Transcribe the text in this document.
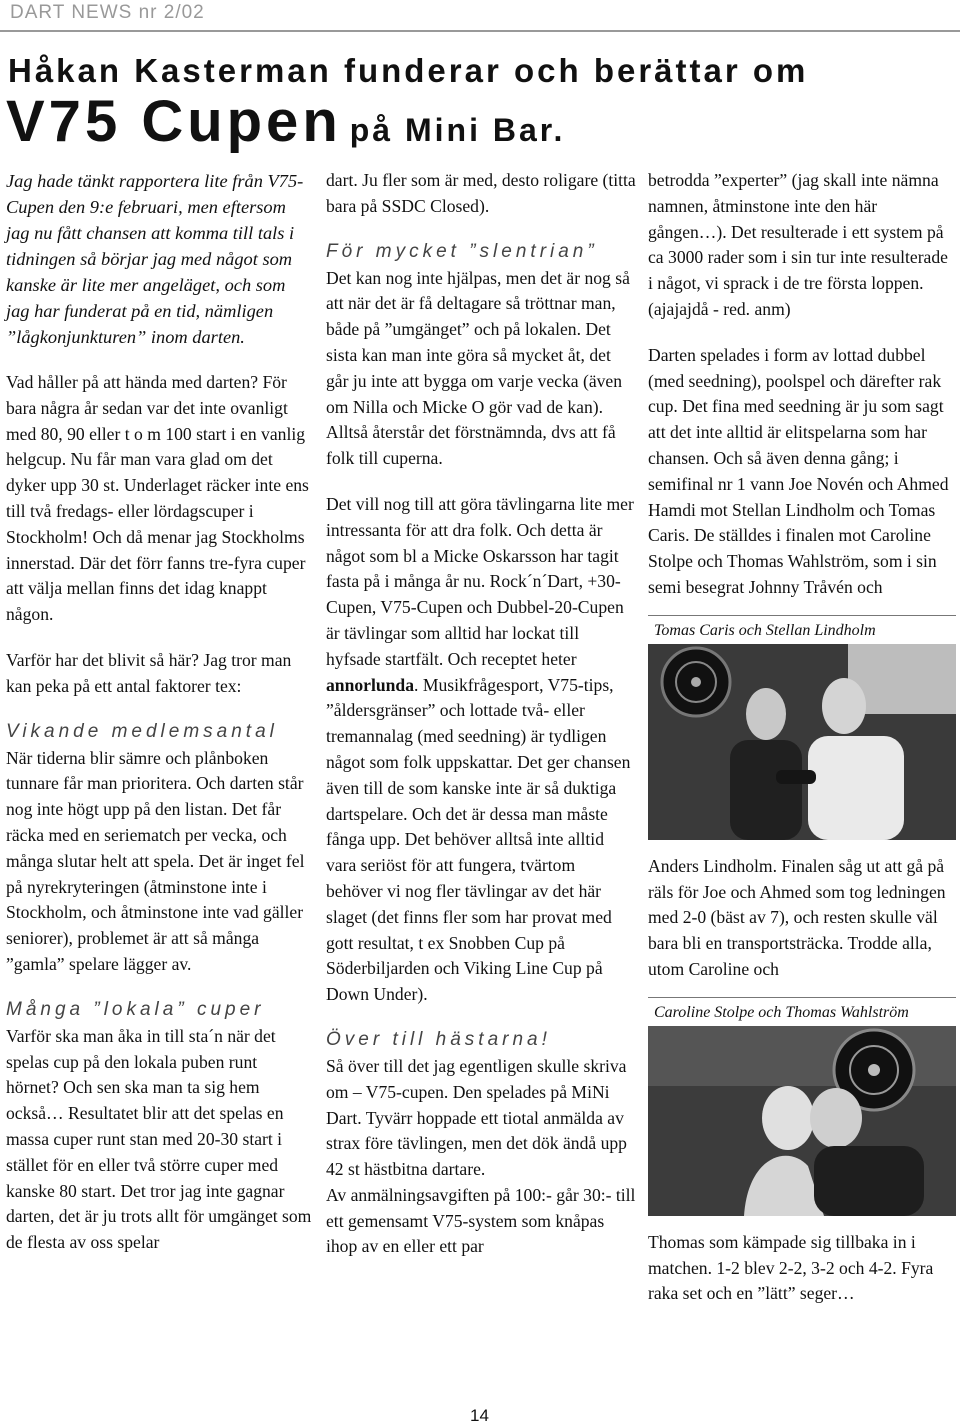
DART NEWS nr 2/02
Håkan Kasterman funderar och berättar om
V75 Cupen på Mini Bar.

Jag hade tänkt rapportera lite från V75-Cupen den 9:e februari, men eftersom jag nu fått chansen att komma till tals i tidningen så börjar jag med något som kanske är lite mer angeläget, och som jag har funderat på en tid, nämligen ”lågkonjunkturen” inom darten.

Vad håller på att hända med darten? För bara några år sedan var det inte ovanligt med 80, 90 eller t o m 100 start i en vanlig helgcup. Nu får man vara glad om det dyker upp 30 st. Underlaget räcker inte ens till två fredags- eller lördagscuper i Stockholm! Och då menar jag Stockholms innerstad. Där det förr fanns tre-fyra cuper att välja mellan finns det idag knappt någon.

Varför har det blivit så här? Jag tror man kan peka på ett antal faktorer tex:

Vikande medlemsantal

När tiderna blir sämre och plånboken tunnare får man prioritera. Och darten står nog inte högt upp på den listan. Det får räcka med en seriematch per vecka, och många slutar helt att spela. Det är inget fel på nyrekryteringen (åtminstone inte i Stockholm, och åtminstone inte vad gäller seniorer), problemet är att så många ”gamla” spelare lägger av.

Många ”lokala” cuper

Varför ska man åka in till sta´n när det spelas cup på den lokala puben runt hörnet? Och sen ska man ta sig hem också… Resultatet blir att det spelas en massa cuper runt stan med 20-30 start i stället för en eller två större cuper med kanske 80 start. Det tror jag inte gagnar darten, det är ju trots allt för umgänget som de flesta av oss spelar

dart. Ju fler som är med, desto roligare (titta bara på SSDC Closed).

För mycket ”slentrian”

Det kan nog inte hjälpas, men det är nog så att när det är få deltagare så tröttnar man, både på ”umgänget” och på lokalen. Det sista kan man inte göra så mycket åt, det går ju inte att bygga om varje vecka (även om Nilla och Micke O gör vad de kan). Alltså återstår det förstnämnda, dvs att få folk till cuperna.

Det vill nog till att göra tävlingarna lite mer intressanta för att dra folk. Och detta är något som bl a Micke Oskarsson har tagit fasta på i många år nu. Rock´n´Dart, +30-Cupen, V75-Cupen och Dubbel-20-Cupen är tävlingar som alltid har lockat till hyfsade startfält. Och receptet heter annorlunda. Musikfrågesport, V75-tips, ”åldersgränser” och lottade två- eller tremannalag (med seedning) är tydligen något som folk uppskattar. Det ger chansen även till de som kanske inte är så duktiga dartspelare. Och det är dessa man måste fånga upp. Det behöver alltså inte alltid vara seriöst för att fungera, tvärtom behöver vi nog fler tävlingar av det här slaget (det finns fler som har provat med gott resultat, t ex Snobben Cup på Söderbiljarden och Viking Line Cup på Down Under).

Över till hästarna!

Så över till det jag egentligen skulle skriva om – V75-cupen. Den spelades på MiNi Dart. Tyvärr hoppade ett tiotal anmälda av strax före tävlingen, men det dök ändå upp 42 st hästbitna dartare.

Av anmälningsavgiften på 100:- går 30:- till ett gemensamt V75-system som knåpas ihop av en eller ett par

betrodda ”experter” (jag skall inte nämna namnen, åtminstone inte den här gången…). Det resulterade i ett system på ca 3000 rader som i sin tur inte resulterade i något, vi sprack i de tre första loppen. (ajajajdå - red. anm)

Darten spelades i form av lottad dubbel (med seedning), poolspel och därefter rak cup. Det fina med seedning är ju som sagt att det inte alltid är elitspelarna som har chansen. Och så även denna gång; i semifinal nr 1 vann Joe Novén och Ahmed Hamdi mot Stellan Lindholm och Tomas Caris. De ställdes i finalen mot Caroline Stolpe och Thomas Wahlström, som i sin semi besegrat Johnny Tråvén och

Tomas Caris och Stellan Lindholm

Anders Lindholm. Finalen såg ut att gå på räls för Joe och Ahmed som tog ledningen med 2-0 (bäst av 7), och resten skulle väl bara bli en transportsträcka. Trodde alla, utom Caroline och

Caroline Stolpe och Thomas Wahlström

Thomas som kämpade sig tillbaka in i matchen. 1-2 blev 2-2, 3-2 och 4-2. Fyra raka set och en ”lätt” seger…

14
